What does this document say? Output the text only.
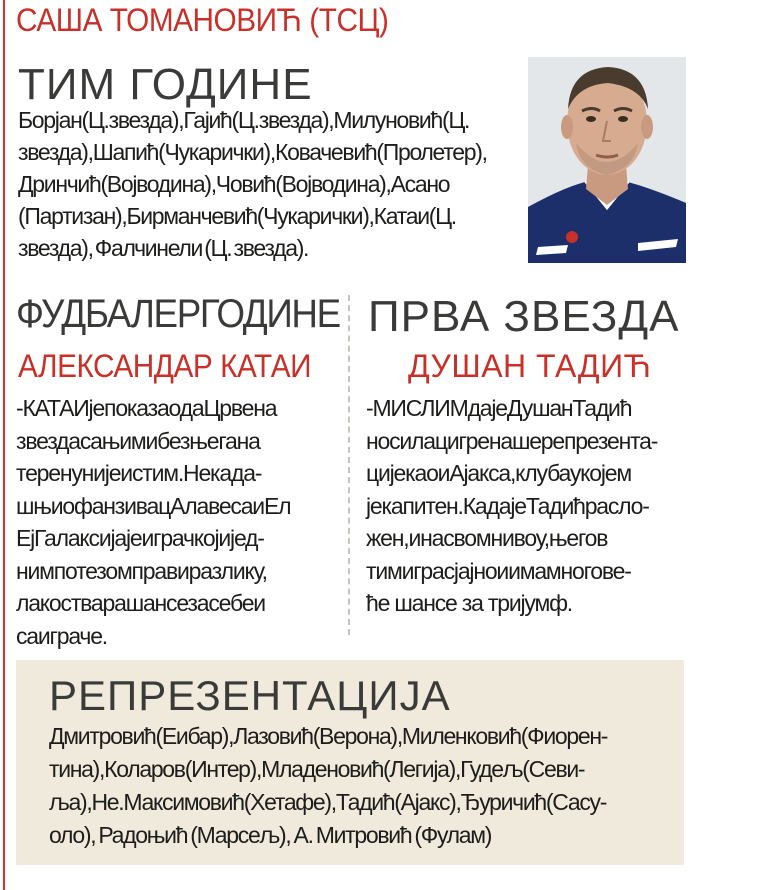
САША ТОМАНОВИЋ (ТСЦ)
ТИМ ГОДИНЕ
Борјан(Ц.звезда),Гајић(Ц.звезда),Милуновић(Ц.
звезда),Шапић(Чукарички),Ковачевић(Пролетер),
Дринчић(Војводина),Човић(Војводина),Асано
(Партизан),Бирманчевић(Чукарички),Катаи(Ц.
звезда), Фалчинели (Ц. звезда).
ФУДБАЛЕРГОДИНЕ
АЛЕКСАНДАР КАТАИ
-КАТАИјепоказаодаЦрвена
звездасањимибезњегана
теренунијеистим.Некада-
шњиофанзивацАлавесаиЕл
ЕјГалаксијајеиграчкојијед-
нимпотезомправиразлику,
лакостварашансезасебеи
саиграче.
ПРВА ЗВЕЗДА
ДУШАН ТАДИЋ
-МИСЛИМдајеДушанТадић
носилацигренашерепрезента-
цијекаоиАјакса,клубаукојем
јекапитен.КадајеТадићрасло-
жен,инасвомнивоу,његов
тимиграсјајноиимамногове-
ће шансе за тријумф.
РЕПРЕЗЕНТАЦИЈА
Дмитровић(Еибар),Лазовић(Верона),Миленковић(Фиорен-
тина),Коларов(Интер),Младеновић(Легија),Гудељ(Севи-
ља),Не.Максимовић(Хетафе),Тадић(Ајакс),Ђуричић(Сасу-
оло), Радоњић (Марсељ), А. Митровић (Фулам)
